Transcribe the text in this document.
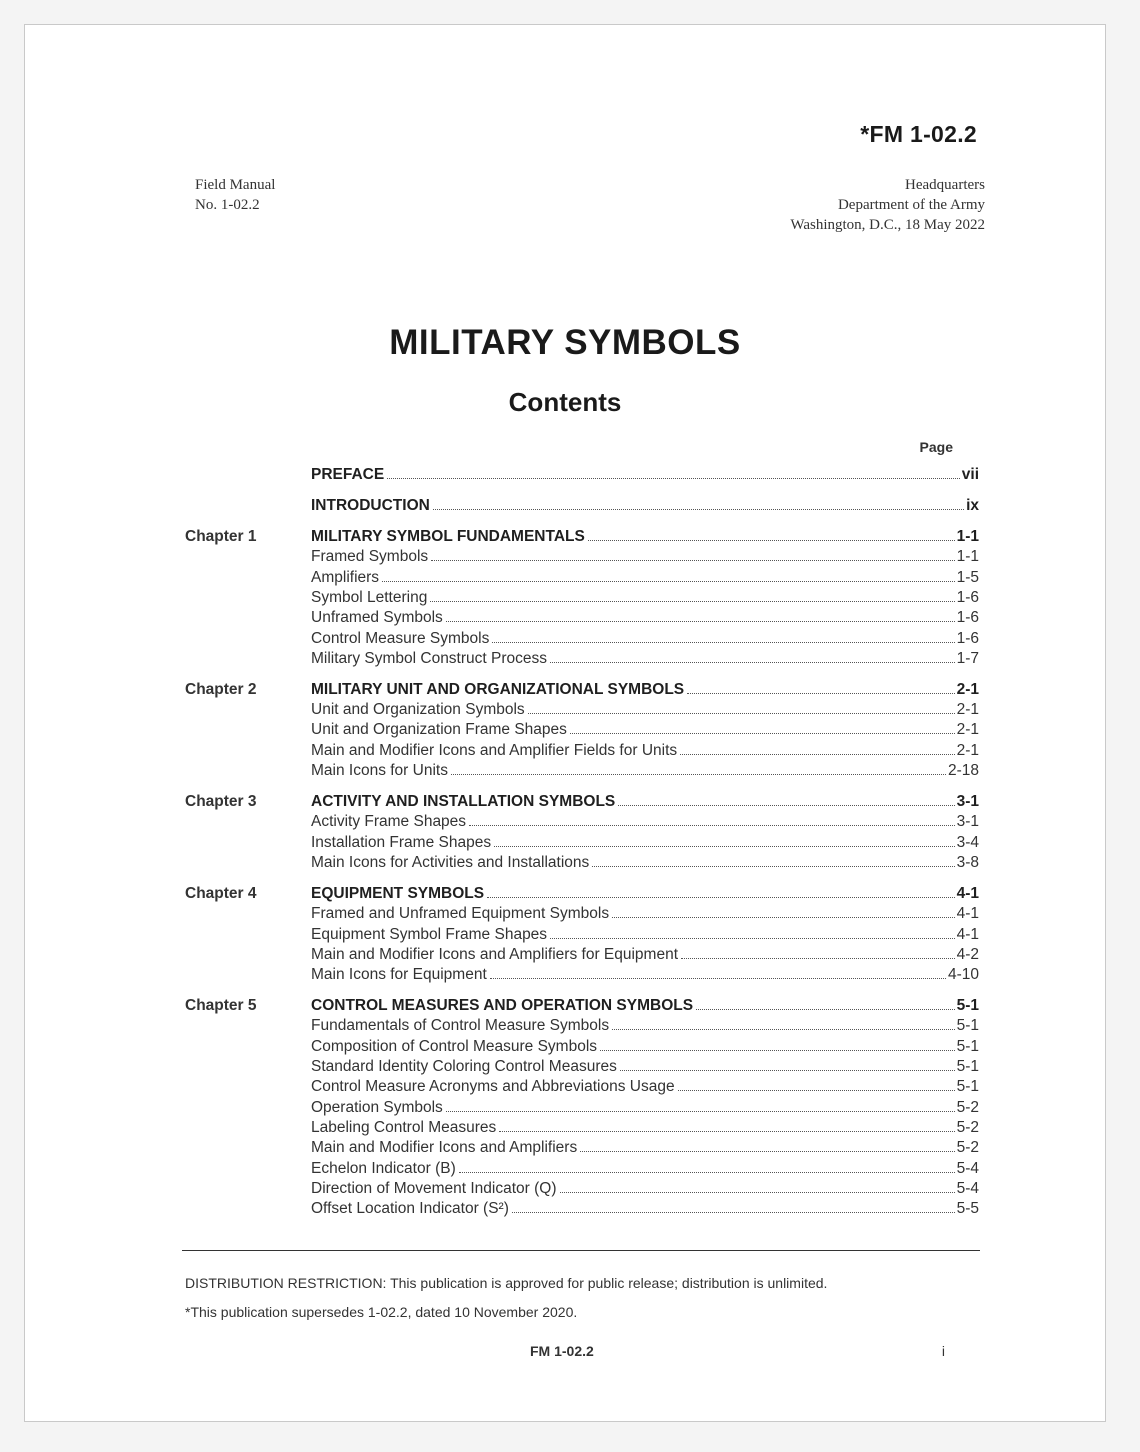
*FM 1-02.2
Field Manual
No. 1-02.2
Headquarters
Department of the Army
Washington, D.C., 18 May 2022
MILITARY SYMBOLS
Contents
Page
PREFACE	vii
INTRODUCTION	ix
Chapter 1	MILITARY SYMBOL FUNDAMENTALS	1-1
Framed Symbols	1-1
Amplifiers	1-5
Symbol Lettering	1-6
Unframed Symbols	1-6
Control Measure Symbols	1-6
Military Symbol Construct Process	1-7
Chapter 2	MILITARY UNIT AND ORGANIZATIONAL SYMBOLS	2-1
Unit and Organization Symbols	2-1
Unit and Organization Frame Shapes	2-1
Main and Modifier Icons and Amplifier Fields for Units	2-1
Main Icons for Units	2-18
Chapter 3	ACTIVITY AND INSTALLATION SYMBOLS	3-1
Activity Frame Shapes	3-1
Installation Frame Shapes	3-4
Main Icons for Activities and Installations	3-8
Chapter 4	EQUIPMENT SYMBOLS	4-1
Framed and Unframed Equipment Symbols	4-1
Equipment Symbol Frame Shapes	4-1
Main and Modifier Icons and Amplifiers for Equipment	4-2
Main Icons for Equipment	4-10
Chapter 5	CONTROL MEASURES AND OPERATION SYMBOLS	5-1
Fundamentals of Control Measure Symbols	5-1
Composition of Control Measure Symbols	5-1
Standard Identity Coloring Control Measures	5-1
Control Measure Acronyms and Abbreviations Usage	5-1
Operation Symbols	5-2
Labeling Control Measures	5-2
Main and Modifier Icons and Amplifiers	5-2
Echelon Indicator (B)	5-4
Direction of Movement Indicator (Q)	5-4
Offset Location Indicator (S²)	5-5
DISTRIBUTION RESTRICTION: This publication is approved for public release; distribution is unlimited.
*This publication supersedes 1-02.2, dated 10 November 2020.
FM 1-02.2	i
